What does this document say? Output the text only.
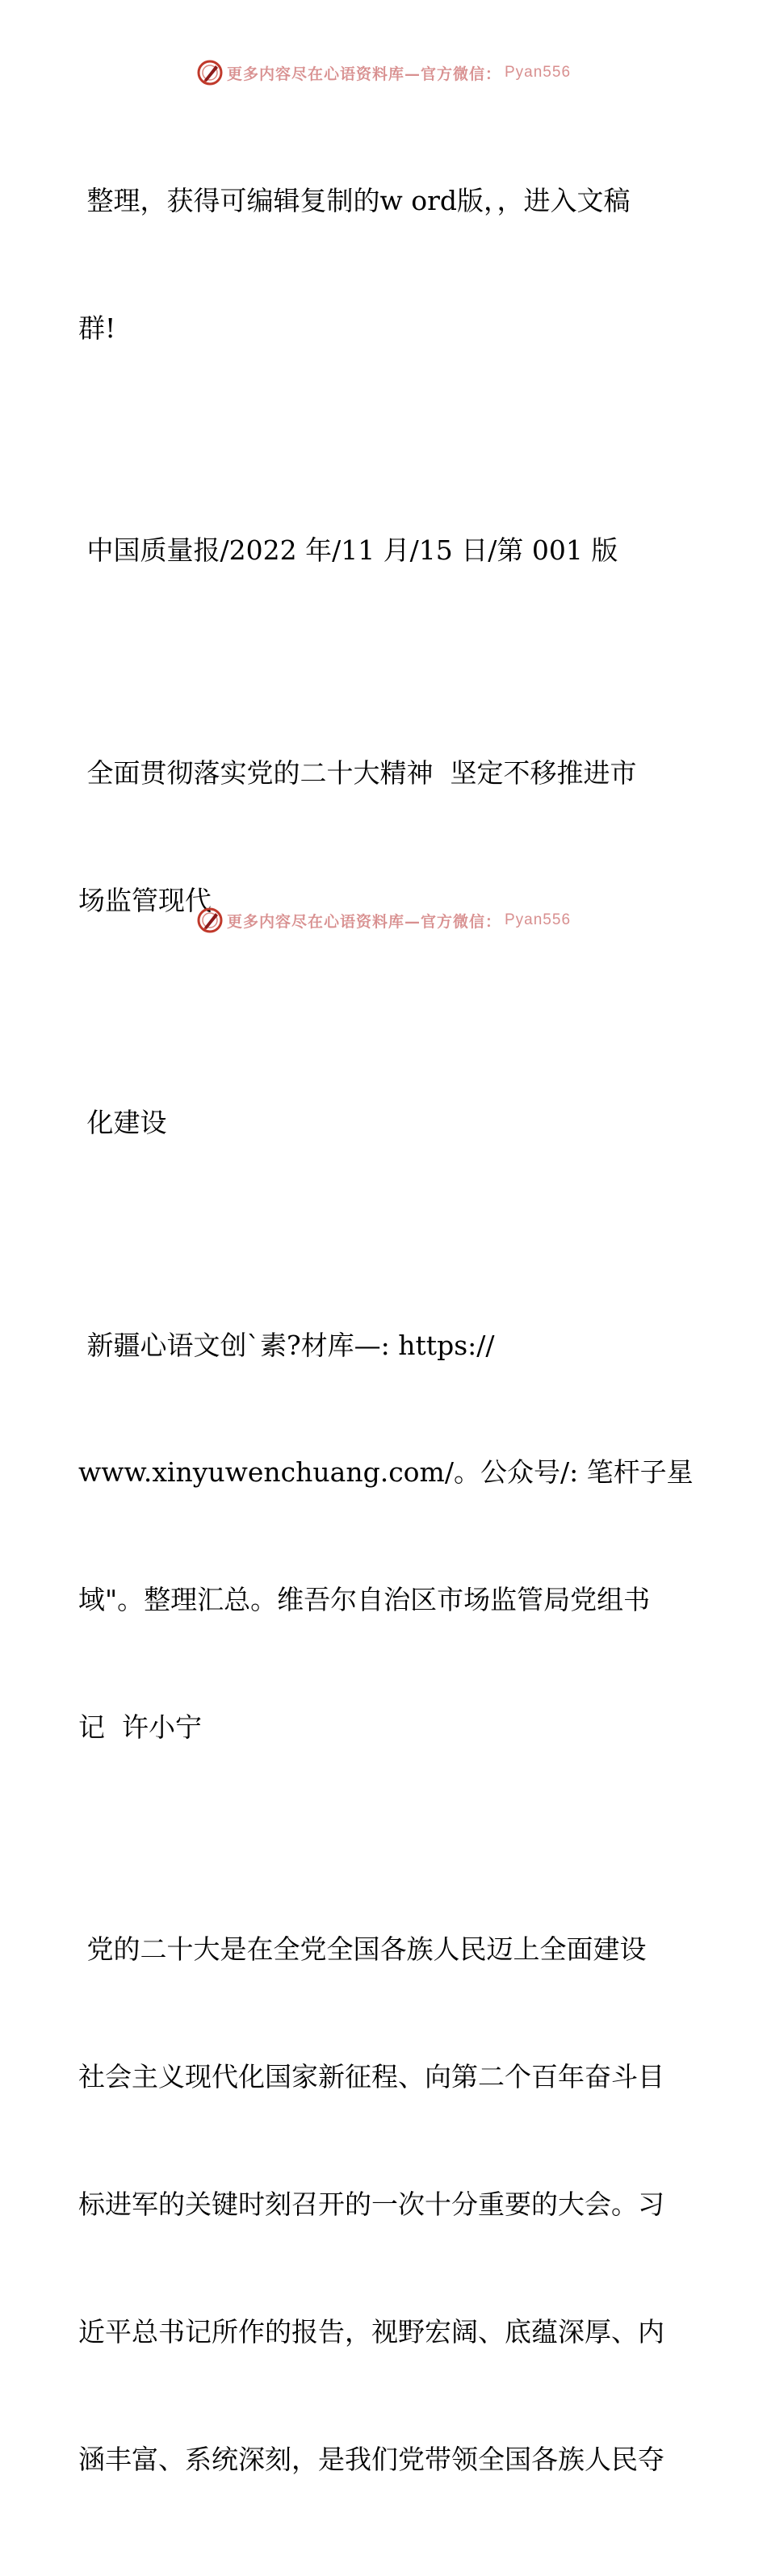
更多内容尽在心语资料库—官方微信： Pyan556

整理，获得可编辑复制的w ord版，，进入文稿

群!

中国质量报/2022 年/11 月/15 日/第 001 版

全面贯彻落实党的二十大精神  坚定不移推进市

场监管现代

化建设

新疆心语文创`素?材库—: https://

www.xinyuwenchuang.com/。公众号/: 笔杆子星

域"。整理汇总。维吾尔自治区市场监管局党组书

记  许小宁

党的二十大是在全党全国各族人民迈上全面建设

社会主义现代化国家新征程、向第二个百年奋斗目

标进军的关键时刻召开的一次十分重要的大会。习

近平总书记所作的报告，视野宏阔、底蕴深厚、内

涵丰富、系统深刻，是我们党带领全国各族人民夺

更多内容尽在心语资料库—官方微信： Pyan556
